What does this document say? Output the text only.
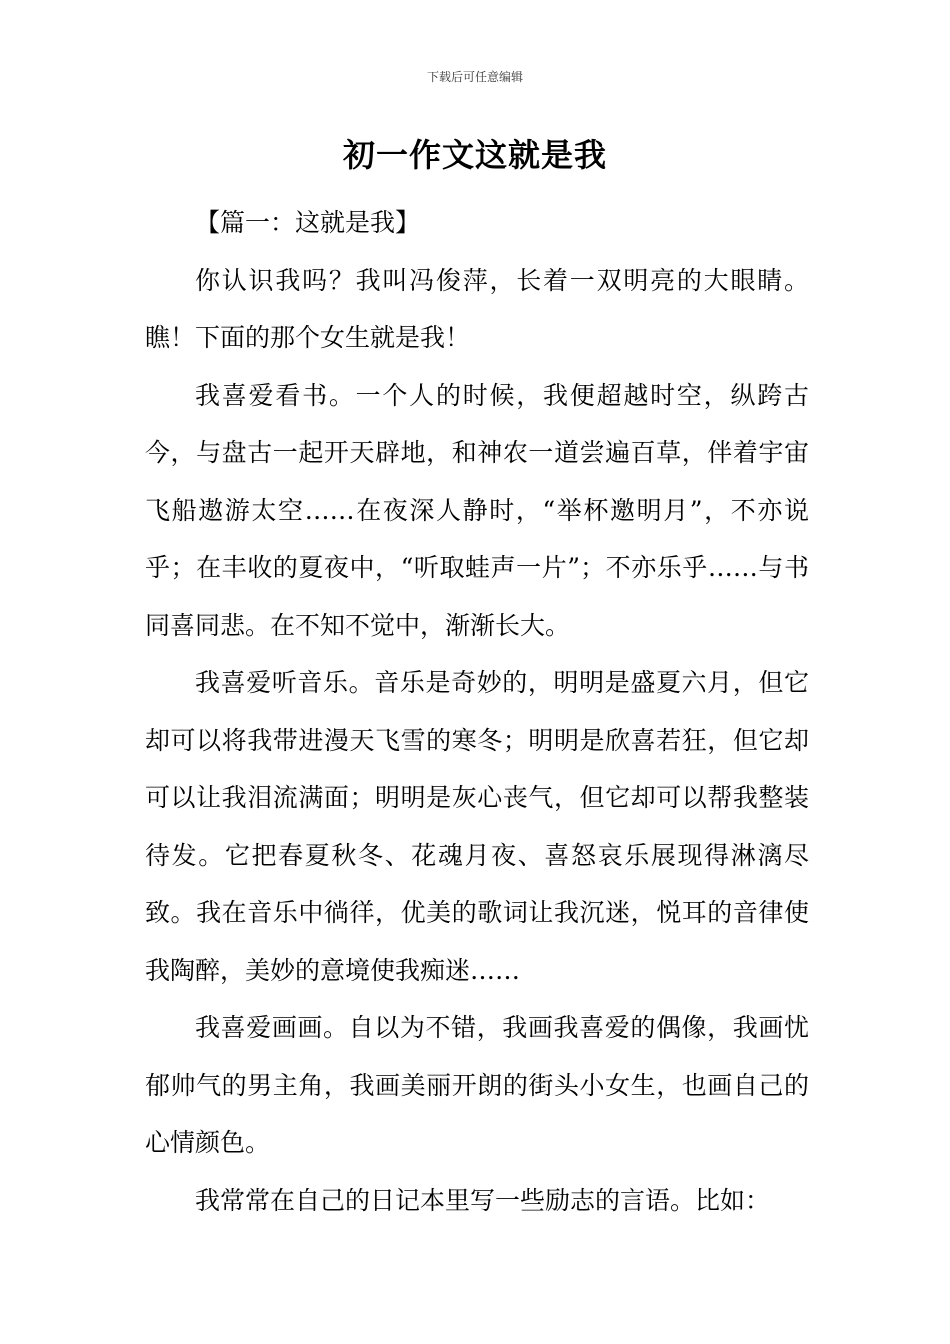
下载后可任意编辑
初一作文这就是我

【篇一：这就是我】

你认识我吗？我叫冯俊萍，长着一双明亮的大眼睛。瞧！下面的那个女生就是我！

我喜爱看书。一个人的时候，我便超越时空，纵跨古今，与盘古一起开天辟地，和神农一道尝遍百草，伴着宇宙飞船遨游太空……在夜深人静时，“举杯邀明月”，不亦说乎；在丰收的夏夜中，“听取蛙声一片”；不亦乐乎……与书同喜同悲。在不知不觉中，渐渐长大。

我喜爱听音乐。音乐是奇妙的，明明是盛夏六月，但它却可以将我带进漫天飞雪的寒冬；明明是欣喜若狂，但它却可以让我泪流满面；明明是灰心丧气，但它却可以帮我整装待发。它把春夏秋冬、花魂月夜、喜怒哀乐展现得淋漓尽致。我在音乐中徜徉，优美的歌词让我沉迷，悦耳的音律使我陶醉，美妙的意境使我痴迷……

我喜爱画画。自以为不错，我画我喜爱的偶像，我画忧郁帅气的男主角，我画美丽开朗的街头小女生，也画自己的心情颜色。

我常常在自己的日记本里写一些励志的言语。比如：
